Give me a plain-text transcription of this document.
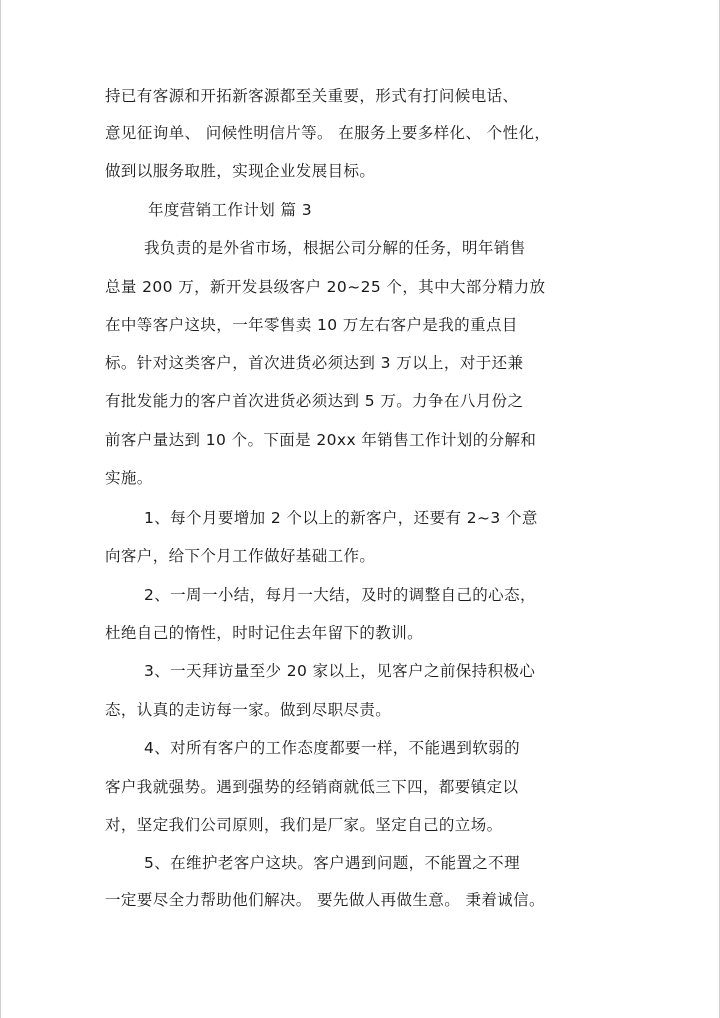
持已有客源和开拓新客源都至关重要，形式有打问候电话、
意见征询单、 问候性明信片等。 在服务上要多样化、 个性化，
做到以服务取胜，实现企业发展目标。
年度营销工作计划 篇 3
我负责的是外省市场，根据公司分解的任务，明年销售
总量 200 万，新开发县级客户 20~25 个，其中大部分精力放
在中等客户这块，一年零售卖 10 万左右客户是我的重点目
标。针对这类客户，首次进货必须达到 3 万以上，对于还兼
有批发能力的客户首次进货必须达到 5 万。力争在八月份之
前客户量达到 10 个。下面是 20xx 年销售工作计划的分解和
实施。
1、每个月要增加 2 个以上的新客户，还要有 2~3 个意
向客户，给下个月工作做好基础工作。
2、一周一小结，每月一大结，及时的调整自己的心态，
杜绝自己的惰性，时时记住去年留下的教训。
3、一天拜访量至少 20 家以上，见客户之前保持积极心
态，认真的走访每一家。做到尽职尽责。
4、对所有客户的工作态度都要一样，不能遇到软弱的
客户我就强势。遇到强势的经销商就低三下四，都要镇定以
对，坚定我们公司原则，我们是厂家。坚定自己的立场。
5、在维护老客户这块。客户遇到问题，不能置之不理
一定要尽全力帮助他们解决。 要先做人再做生意。 秉着诚信。
